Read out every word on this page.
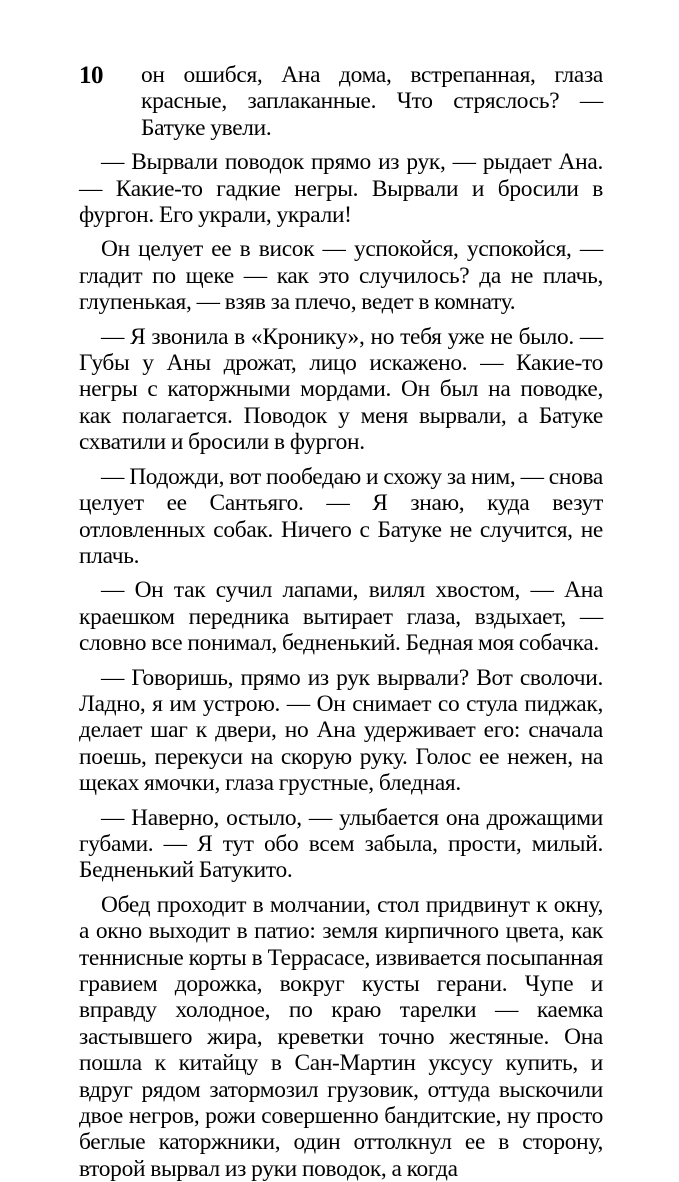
10	он ошибся, Ана дома, встрепанная, глаза красные, заплаканные. Что стряслось? — Батуке увели.

— Вырвали поводок прямо из рук, — рыдает Ана. — Какие-то гадкие негры. Вырвали и бросили в фургон. Его украли, украли!

Он целует ее в висок — успокойся, успокойся, — гладит по щеке — как это случилось? да не плачь, глупенькая, — взяв за плечо, ведет в комнату.

— Я звонила в «Кронику», но тебя уже не было. — Губы у Аны дрожат, лицо искажено. — Какие-то негры с каторжными мордами. Он был на поводке, как полагается. Поводок у меня вырвали, а Батуке схватили и бросили в фургон.

— Подожди, вот пообедаю и схожу за ним, — снова целует ее Сантьяго. — Я знаю, куда везут отловленных собак. Ничего с Батуке не случится, не плачь.

— Он так сучил лапами, вилял хвостом, — Ана краешком передника вытирает глаза, вздыхает, — словно все понимал, бедненький. Бедная моя собачка.

— Говоришь, прямо из рук вырвали? Вот сволочи. Ладно, я им устрою. — Он снимает со стула пиджак, делает шаг к двери, но Ана удерживает его: сначала поешь, перекуси на скорую руку. Голос ее нежен, на щеках ямочки, глаза грустные, бледная.

— Наверно, остыло, — улыбается она дрожащими губами. — Я тут обо всем забыла, прости, милый. Бедненький Батукито.

Обед проходит в молчании, стол придвинут к окну, а окно выходит в патио: земля кирпичного цвета, как теннисные корты в Террасасе, извивается посыпанная гравием дорожка, вокруг кусты герани. Чупе и вправду холодное, по краю тарелки — каемка застывшего жира, креветки точно жестяные. Она пошла к китайцу в Сан-Мартин уксусу купить, и вдруг рядом затормозил грузовик, оттуда выскочили двое негров, рожи совершенно бандитские, ну просто беглые каторжники, один оттолкнул ее в сторону, второй вырвал из руки поводок, а когда
